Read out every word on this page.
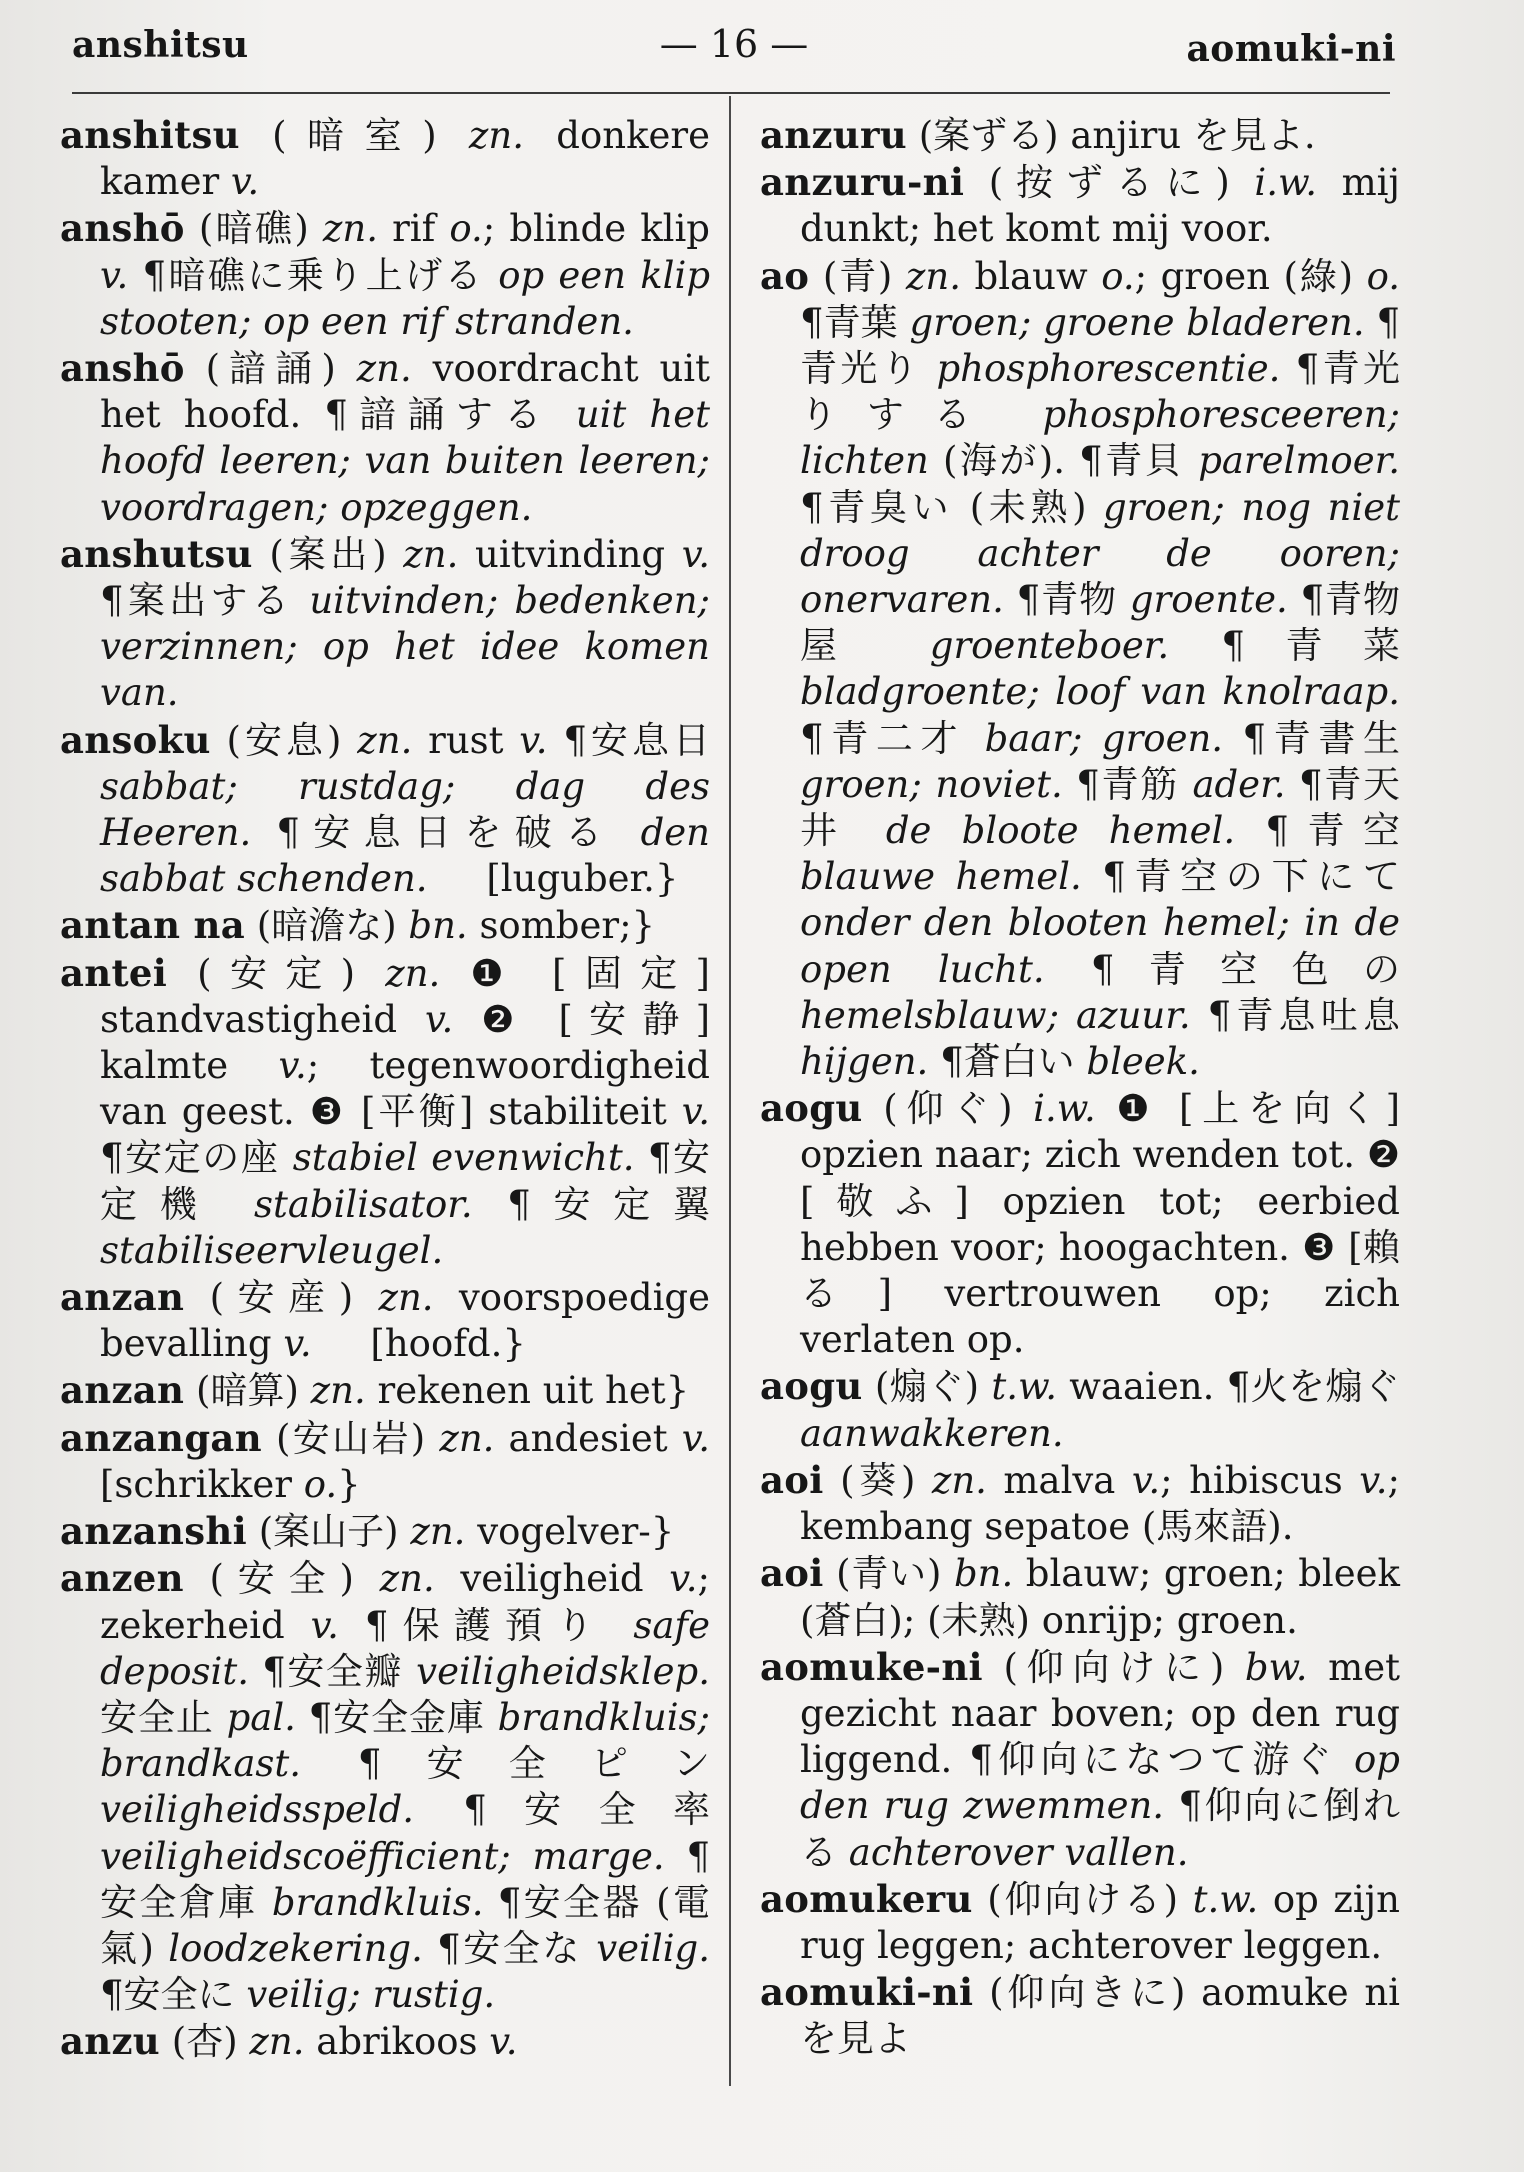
anshitsu	— 16 —	aomuki-ni

anshitsu (暗室) zn. donkere kamer v.

anshō (暗礁) zn. rif o.; blinde klip v. ¶暗礁に乗り上げる op een klip stooten; op een rif stranden.

anshō (諳誦) zn. voordracht uit het hoofd. ¶諳誦する uit het hoofd leeren; van buiten leeren; voordragen; opzeggen.

anshutsu (案出) zn. uitvinding v. ¶案出する uitvinden; bedenken; verzinnen; op het idee komen van.

ansoku (安息) zn. rust v. ¶安息日 sabbat; rustdag; dag des Heeren. ¶安息日を破る den sabbat schenden.     [luguber.}

antan na (暗澹な) bn. somber;}

antei (安定) zn. ❶ [固定] standvastigheid v. ❷ [安静] kalmte v.; tegenwoordigheid van geest. ❸ [平衡] stabiliteit v. ¶安定の座 stabiel evenwicht. ¶安定機 stabilisator. ¶安定翼 stabiliseervleugel.

anzan (安産) zn. voorspoedige bevalling v.     [hoofd.}

anzan (暗算) zn. rekenen uit het}

anzangan (安山岩) zn. andesiet v.     [schrikker o.}

anzanshi (案山子) zn. vogelver-}

anzen (安全) zn. veiligheid v.; zekerheid v. ¶保護預り safe deposit. ¶安全瓣 veiligheidsklep. 安全止 pal. ¶安全金庫 brandkluis; brandkast. ¶安全ピン veiligheidsspeld. ¶安全率 veiligheidscoëfficient; marge. ¶安全倉庫 brandkluis. ¶安全器 (電氣) loodzekering. ¶安全な veilig. ¶安全に veilig; rustig.

anzu (杏) zn. abrikoos v.

anzuru (案ずる) anjiru を見よ.

anzuru-ni (按ずるに) i.w. mij dunkt; het komt mij voor.

ao (青) zn. blauw o.; groen (綠) o. ¶青葉 groen; groene bladeren. ¶青光り phosphorescentie. ¶青光りする phosphoresceeren; lichten (海が). ¶青貝 parelmoer. ¶青臭い (未熟) groen; nog niet droog achter de ooren; onervaren. ¶青物 groente. ¶青物屋 groenteboer. ¶青菜 bladgroente; loof van knolraap. ¶青二才 baar; groen. ¶青書生 groen; noviet. ¶青筋 ader. ¶青天井 de bloote hemel. ¶青空 blauwe hemel. ¶青空の下にて onder den blooten hemel; in de open lucht. ¶青空色の hemelsblauw; azuur. ¶青息吐息 hijgen. ¶蒼白い bleek.

aogu (仰ぐ) i.w. ❶ [上を向く] opzien naar; zich wenden tot. ❷ [敬ふ] opzien tot; eerbied hebben voor; hoogachten. ❸ [賴る] vertrouwen op; zich verlaten op.

aogu (煽ぐ) t.w. waaien. ¶火を煽ぐ aanwakkeren.

aoi (葵) zn. malva v.; hibiscus v.; kembang sepatoe (馬來語).

aoi (青い) bn. blauw; groen; bleek (蒼白); (未熟) onrijp; groen.

aomuke-ni (仰向けに) bw. met gezicht naar boven; op den rug liggend. ¶仰向になつて游ぐ op den rug zwemmen. ¶仰向に倒れる achterover vallen.

aomukeru (仰向ける) t.w. op zijn rug leggen; achterover leggen.

aomuki-ni (仰向きに) aomuke ni を見よ
